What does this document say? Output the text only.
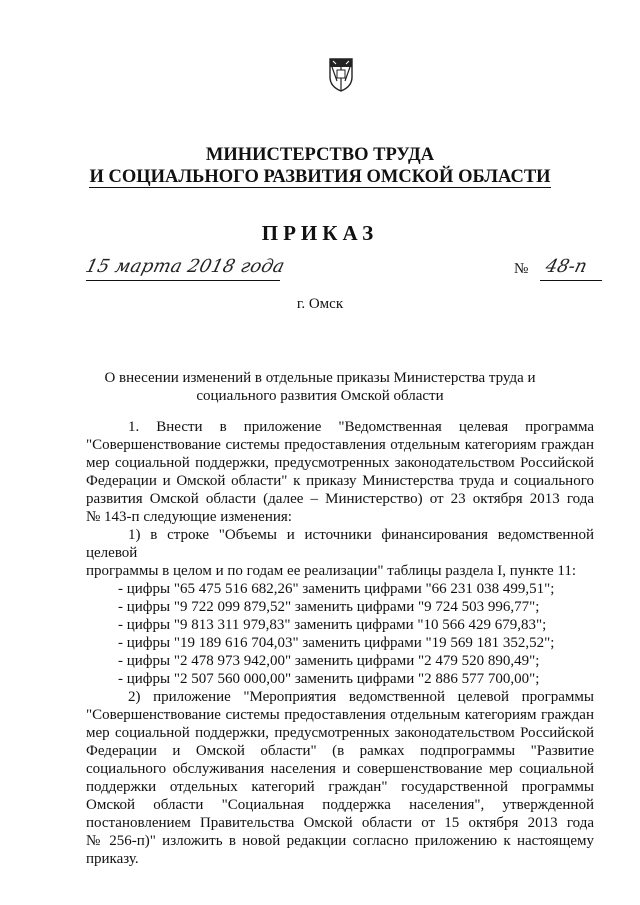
МИНИСТЕРСТВО ТРУДА
И СОЦИАЛЬНОГО РАЗВИТИЯ ОМСКОЙ ОБЛАСТИ
ПРИКАЗ
15 марта 2018 года	№ 48-п
г. Омск
О внесении изменений в отдельные приказы Министерства труда и
социального развития Омской области

1. Внести в приложение "Ведомственная целевая программа

"Совершенствование системы предоставления отдельным категориям граждан

мер социальной поддержки, предусмотренных законодательством Российской

Федерации и Омской области" к приказу Министерства труда и социального

развития Омской области (далее – Министерство) от 23 октября 2013 года

№ 143-п следующие изменения:

1) в строке "Объемы и источники финансирования ведомственной целевой

программы в целом и по годам ее реализации" таблицы раздела I, пункте 11:

- цифры "65 475 516 682,26" заменить цифрами "66 231 038 499,51";
- цифры "9 722 099 879,52" заменить цифрами "9 724 503 996,77";
- цифры "9 813 311 979,83" заменить цифрами "10 566 429 679,83";
- цифры "19 189 616 704,03" заменить цифрами "19 569 181 352,52";
- цифры "2 478 973 942,00" заменить цифрами "2 479 520 890,49";
- цифры "2 507 560 000,00" заменить цифрами "2 886 577 700,00";

2) приложение "Мероприятия ведомственной целевой программы

"Совершенствование системы предоставления отдельным категориям граждан

мер социальной поддержки, предусмотренных законодательством Российской

Федерации и Омской области" (в рамках подпрограммы "Развитие

социального обслуживания населения и совершенствование мер социальной

поддержки отдельных категорий граждан" государственной программы

Омской области "Социальная поддержка населения", утвержденной

постановлением Правительства Омской области от 15 октября 2013 года

№ 256-п)" изложить в новой редакции согласно приложению к настоящему

приказу.
